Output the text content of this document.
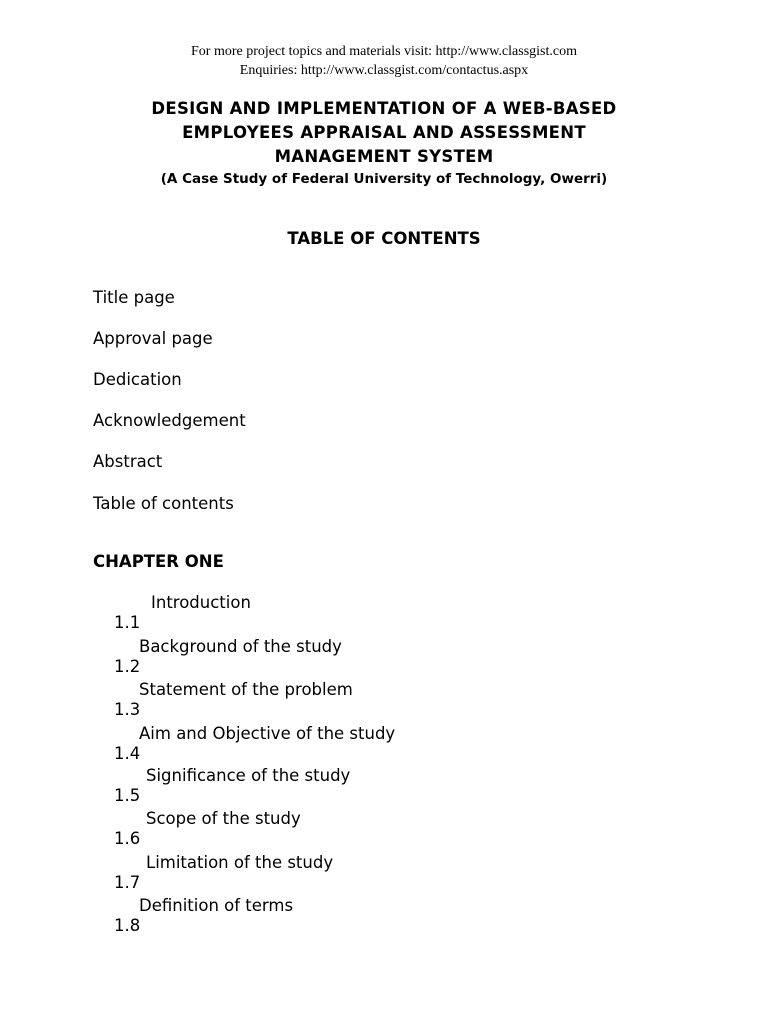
For more project topics and materials visit: http://www.classgist.com
Enquiries: http://www.classgist.com/contactus.aspx
DESIGN AND IMPLEMENTATION OF A WEB-BASED
EMPLOYEES APPRAISAL AND ASSESSMENT
MANAGEMENT SYSTEM
(A Case Study of Federal University of Technology, Owerri)
TABLE OF CONTENTS
Title page
Approval page
Dedication
Acknowledgement
Abstract
Table of contents
CHAPTER ONE

1.1

Introduction

1.2

Background of the study

1.3

Statement of the problem

1.4

Aim and Objective of the study

1.5

Significance of the study

1.6

Scope of the study

1.7

Limitation of the study

1.8

Definition of terms
